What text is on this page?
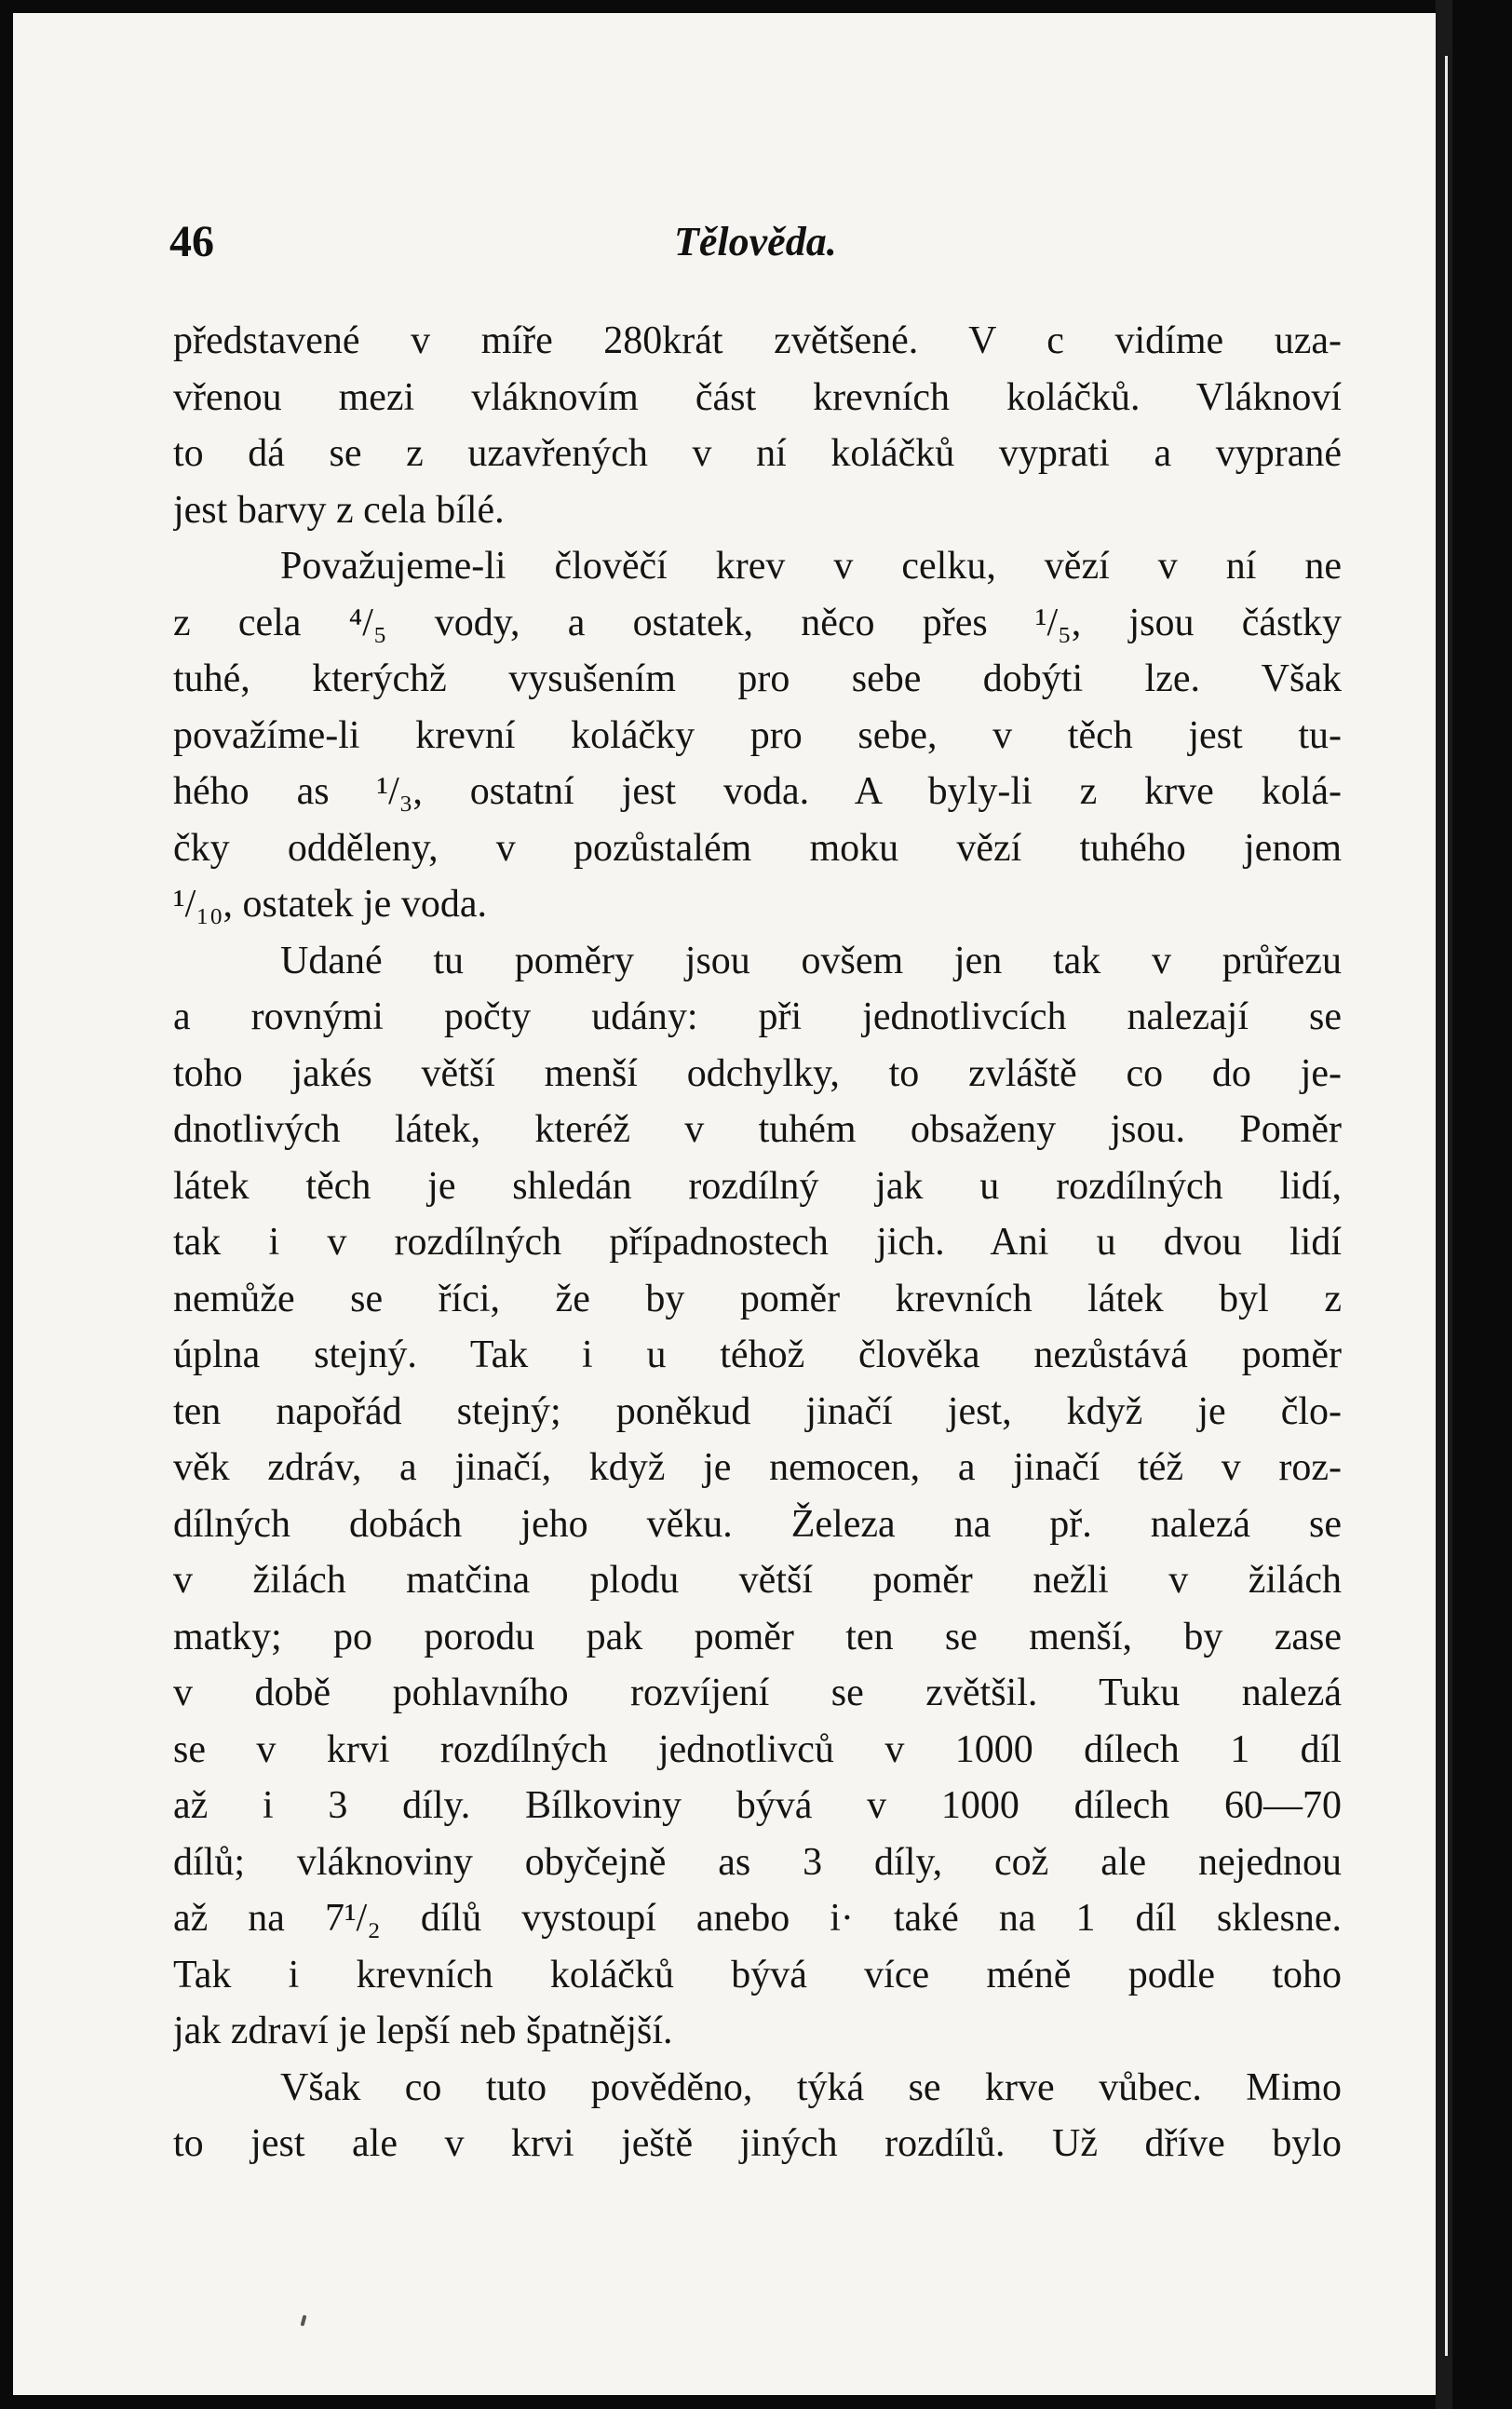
46	Tělověda.
představené v míře 280krát zvětšené. V c vidíme uza-
vřenou mezi vláknovím část krevních koláčků. Vláknoví
to dá se z uzavřených v ní koláčků vyprati a vyprané
jest barvy z cela bílé.
Považujeme-li člověčí krev v celku, vězí v ní ne
z cela ⁴/₅ vody, a ostatek, něco přes ¹/₅, jsou částky
tuhé, kterýchž vysušením pro sebe dobýti lze. Však
považíme-li krevní koláčky pro sebe, v těch jest tu-
hého as ¹/₃, ostatní jest voda. A byly-li z krve kolá-
čky odděleny, v pozůstalém moku vězí tuhého jenom
¹/₁₀, ostatek je voda.
Udané tu poměry jsou ovšem jen tak v průřezu
a rovnými počty udány: při jednotlivcích nalezají se
toho jakés větší menší odchylky, to zvláště co do je-
dnotlivých látek, kteréž v tuhém obsaženy jsou. Poměr
látek těch je shledán rozdílný jak u rozdílných lidí,
tak i v rozdílných případnostech jich. Ani u dvou lidí
nemůže se říci, že by poměr krevních látek byl z
úplna stejný. Tak i u téhož člověka nezůstává poměr
ten napořád stejný; poněkud jinačí jest, když je člo-
věk zdráv, a jinačí, když je nemocen, a jinačí též v roz-
dílných dobách jeho věku. Železa na př. nalezá se
v žilách matčina plodu větší poměr nežli v žilách
matky; po porodu pak poměr ten se menší, by zase
v době pohlavního rozvíjení se zvětšil. Tuku nalezá
se v krvi rozdílných jednotlivců v 1000 dílech 1 díl
až i 3 díly. Bílkoviny bývá v 1000 dílech 60—70
dílů; vláknoviny obyčejně as 3 díly, což ale nejednou
až na 7¹/₂ dílů vystoupí anebo i· také na 1 díl sklesne.
Tak i krevních koláčků bývá více méně podle toho
jak zdraví je lepší neb špatnější.
Však co tuto pověděno, týká se krve vůbec. Mimo
to jest ale v krvi ještě jiných rozdílů. Už dříve bylo
